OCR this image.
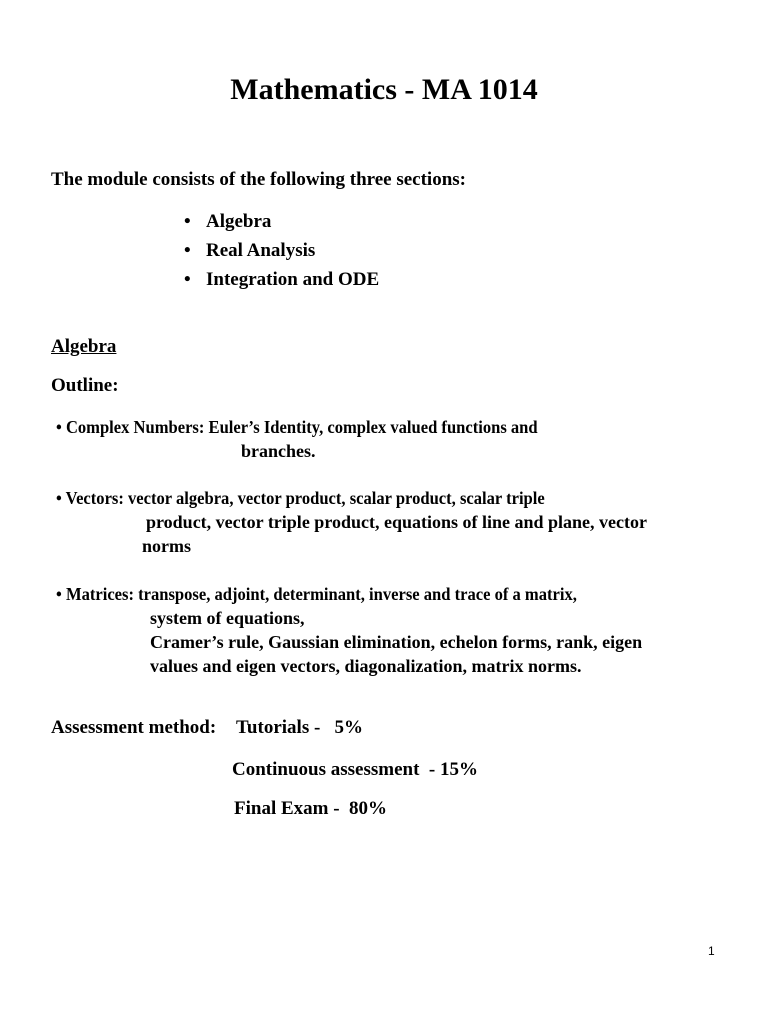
Mathematics - MA 1014
The module consists of the following three sections:
• Algebra
• Real Analysis
• Integration and ODE
Algebra
Outline:
• Complex Numbers: Euler’s Identity, complex valued functions and
branches.
• Vectors: vector algebra, vector product, scalar product, scalar triple
product, vector triple product, equations of line and plane, vector
norms
• Matrices: transpose, adjoint, determinant, inverse and trace of a matrix,
system of equations,
Cramer’s rule, Gaussian elimination, echelon forms, rank, eigen
values and eigen vectors, diagonalization, matrix norms.
Assessment method: Tutorials -   5%
Continuous assessment  - 15%
Final Exam -  80%
1
